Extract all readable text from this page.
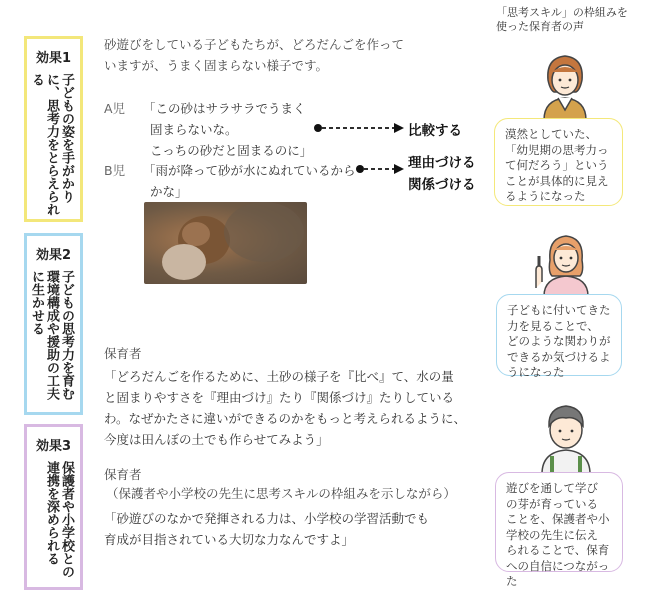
効果1
子どもの姿を手がかりに、思考力をとらえられる
効果2
子どもの思考力を育む環境構成や援助の工夫に生かせる
効果3
保護者や小学校との連携を深められる
砂遊びをしている子どもたちが、どろだんごを作って
いますが、うまく固まらない様子です。
A児 「この砂はサラサラでうまく
固まらないな。
こっちの砂だと固まるのに」
B児 「雨が降って砂が水にぬれているから
かな」
比較する
理由づける
関係づける
保育者
「どろだんごを作るために、土砂の様子を『比べ』て、水の量
と固まりやすさを『理由づけ』たり『関係づけ』たりしている
わ。なぜかたさに違いができるのかをもっと考えられるように、
今度は田んぼの土でも作らせてみよう」
保育者
（保護者や小学校の先生に思考スキルの枠組みを示しながら）
「砂遊びのなかで発揮される力は、小学校の学習活動でも
育成が目指されている大切な力なんですよ」
「思考スキル」の枠組みを
使った保育者の声
漠然としていた、
「幼児期の思考力っ
て何だろう」という
ことが具体的に見え
るようになった
子どもに付いてきた
力を見ることで、
どのような関わりが
できるか気づけるよ
うになった
遊びを通して学び
の芽が育っている
ことを、保護者や小
学校の先生に伝え
られることで、保育
への自信につながった
